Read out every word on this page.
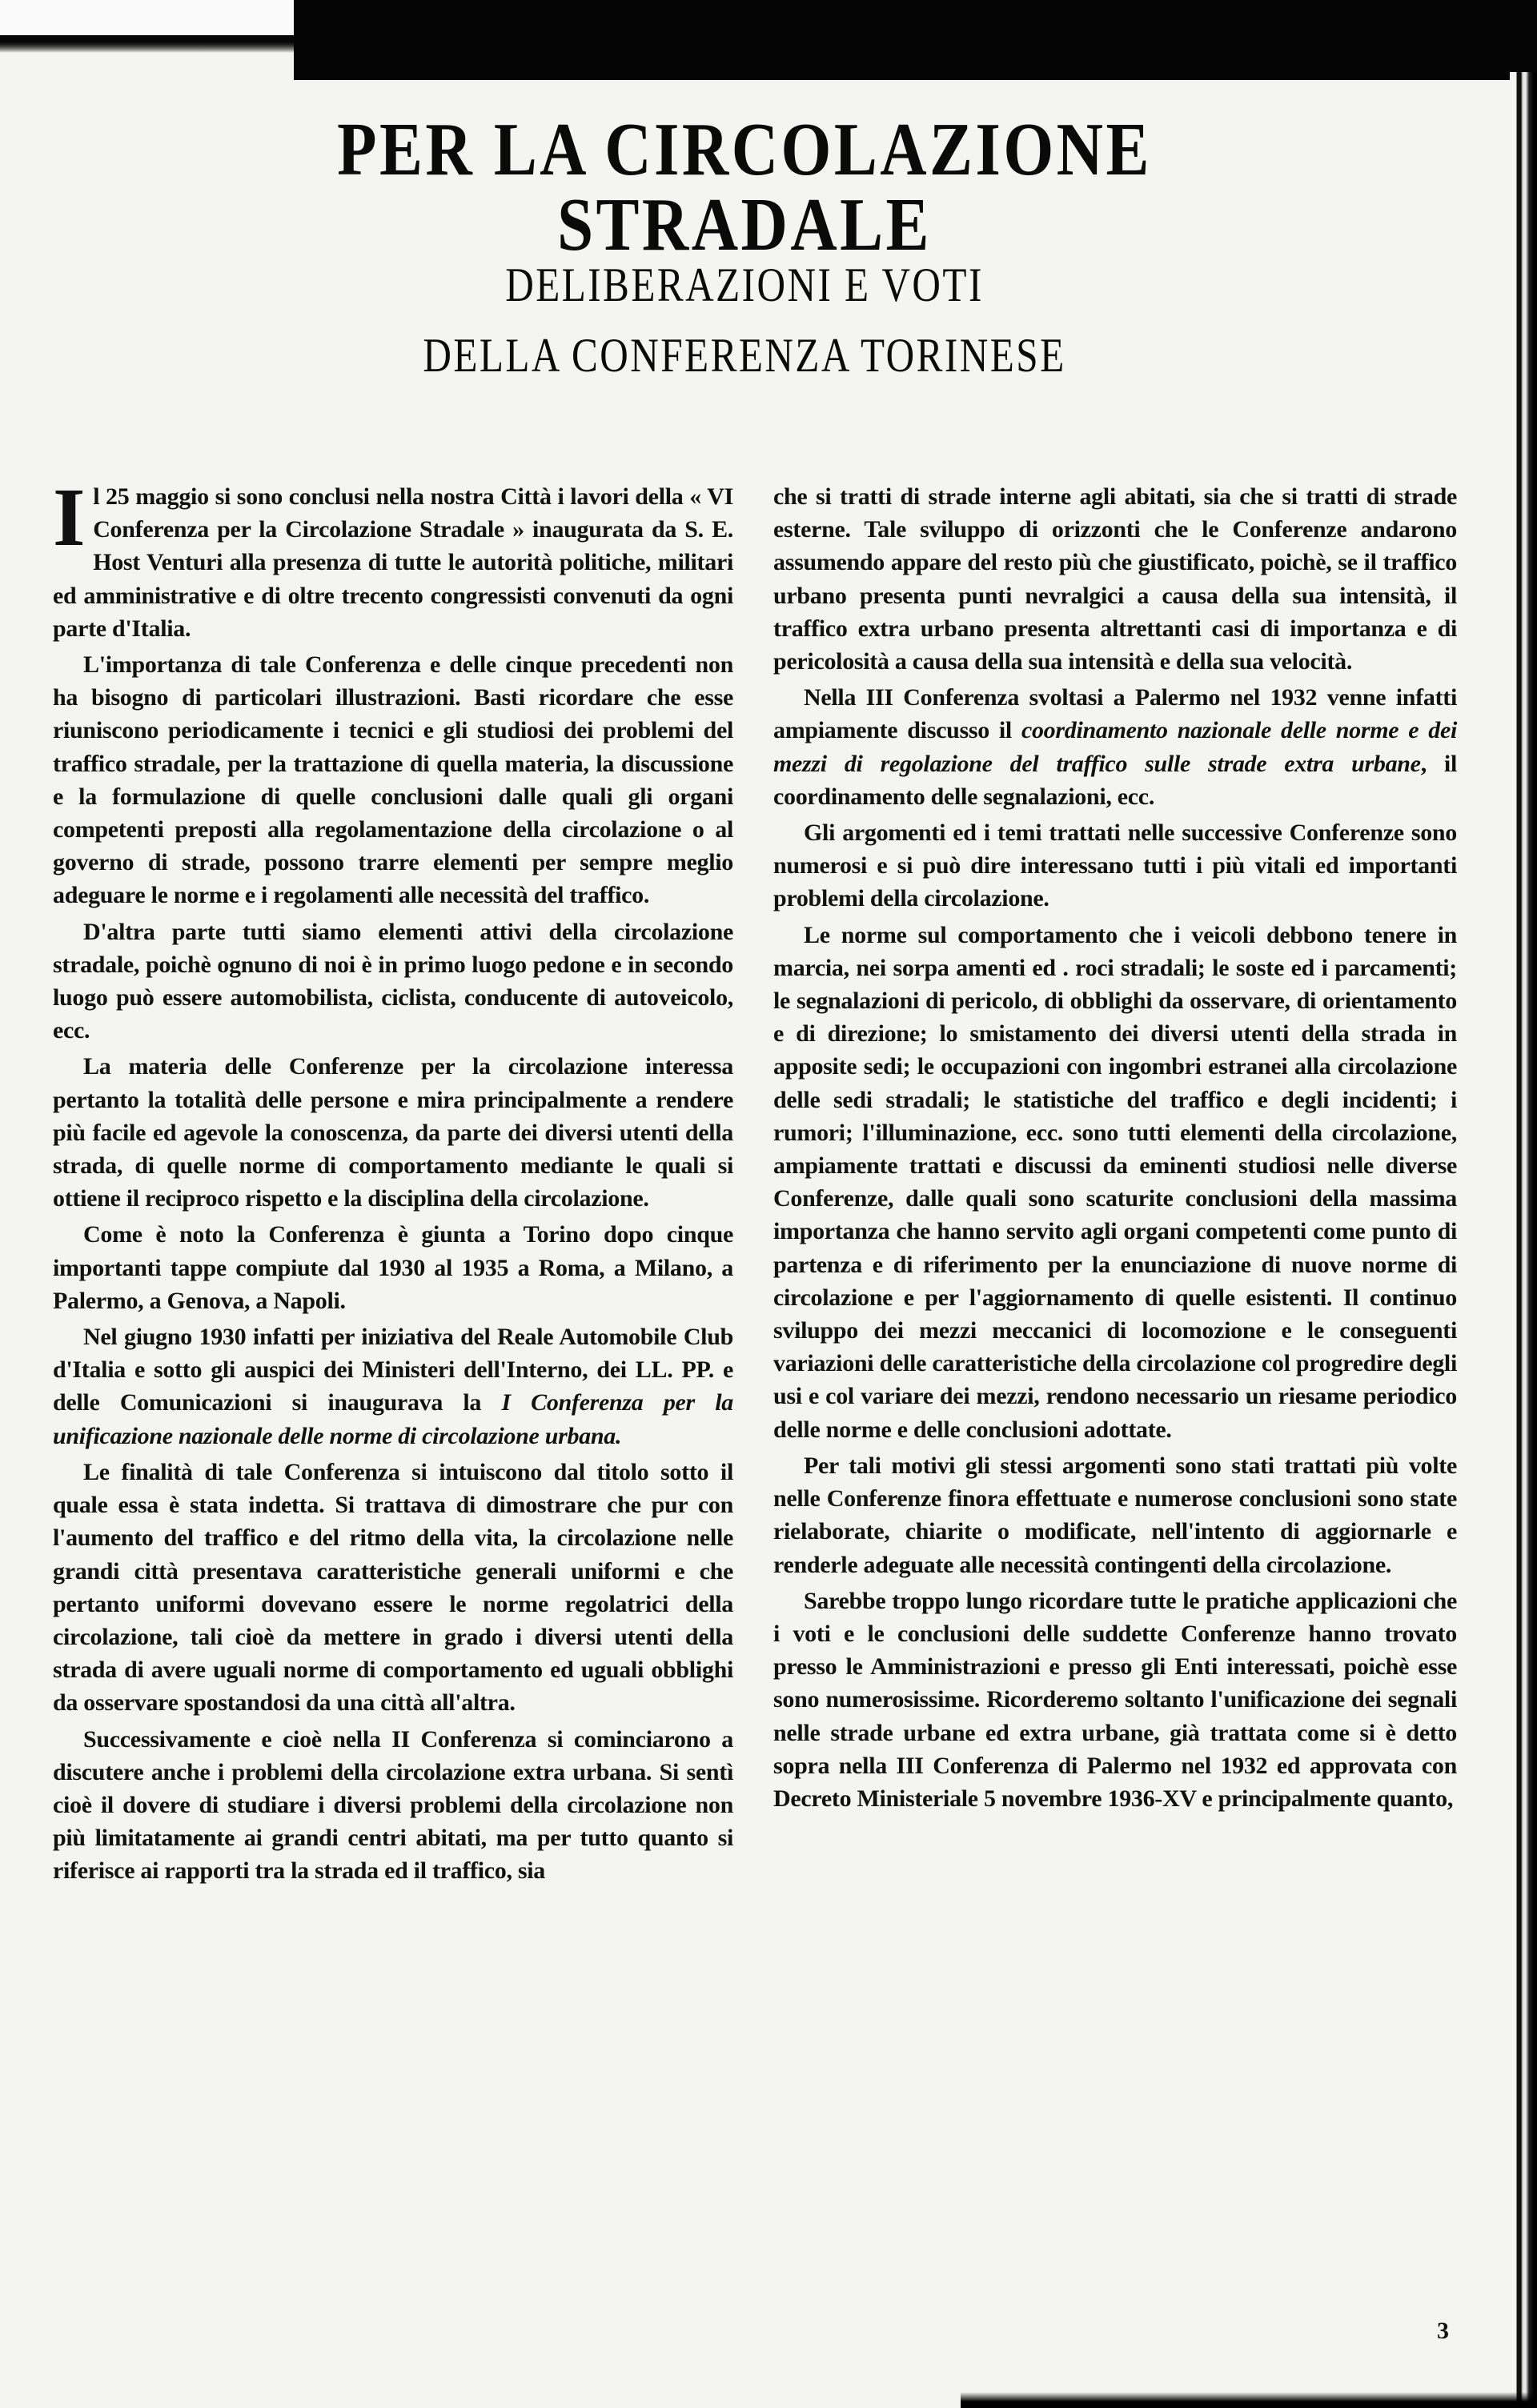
PER LA CIRCOLAZIONE STRADALE
DELIBERAZIONI E VOTI
DELLA CONFERENZA TORINESE

Il 25 maggio si sono conclusi nella nostra Città i lavori della « VI Conferenza per la Circolazione Stradale » inaugurata da S. E. Host Venturi alla presenza di tutte le autorità politiche, militari ed amministrative e di oltre trecento congressisti convenuti da ogni parte d'Italia.

L'importanza di tale Conferenza e delle cinque precedenti non ha bisogno di particolari illustrazioni. Basti ricordare che esse riuniscono periodicamente i tecnici e gli studiosi dei problemi del traffico stradale, per la trattazione di quella materia, la discussione e la formulazione di quelle conclusioni dalle quali gli organi competenti preposti alla regolamentazione della circolazione o al governo di strade, possono trarre elementi per sempre meglio adeguare le norme e i regolamenti alle necessità del traffico.

D'altra parte tutti siamo elementi attivi della circolazione stradale, poichè ognuno di noi è in primo luogo pedone e in secondo luogo può essere automobilista, ciclista, conducente di autoveicolo, ecc.

La materia delle Conferenze per la circolazione interessa pertanto la totalità delle persone e mira principalmente a rendere più facile ed agevole la conoscenza, da parte dei diversi utenti della strada, di quelle norme di comportamento mediante le quali si ottiene il reciproco rispetto e la disciplina della circolazione.

Come è noto la Conferenza è giunta a Torino dopo cinque importanti tappe compiute dal 1930 al 1935 a Roma, a Milano, a Palermo, a Genova, a Napoli.

Nel giugno 1930 infatti per iniziativa del Reale Automobile Club d'Italia e sotto gli auspici dei Ministeri dell'Interno, dei LL. PP. e delle Comunicazioni si inaugurava la I Conferenza per la unificazione nazionale delle norme di circolazione urbana.

Le finalità di tale Conferenza si intuiscono dal titolo sotto il quale essa è stata indetta. Si trattava di dimostrare che pur con l'aumento del traffico e del ritmo della vita, la circolazione nelle grandi città presentava caratteristiche generali uniformi e che pertanto uniformi dovevano essere le norme regolatrici della circolazione, tali cioè da mettere in grado i diversi utenti della strada di avere uguali norme di comportamento ed uguali obblighi da osservare spostandosi da una città all'altra.

Successivamente e cioè nella II Conferenza si cominciarono a discutere anche i problemi della circolazione extra urbana. Si sentì cioè il dovere di studiare i diversi problemi della circolazione non più limitatamente ai grandi centri abitati, ma per tutto quanto si riferisce ai rapporti tra la strada ed il traffico, sia

che si tratti di strade interne agli abitati, sia che si tratti di strade esterne. Tale sviluppo di orizzonti che le Conferenze andarono assumendo appare del resto più che giustificato, poichè, se il traffico urbano presenta punti nevralgici a causa della sua intensità, il traffico extra urbano presenta altrettanti casi di importanza e di pericolosità a causa della sua intensità e della sua velocità.

Nella III Conferenza svoltasi a Palermo nel 1932 venne infatti ampiamente discusso il coordinamento nazionale delle norme e dei mezzi di regolazione del traffico sulle strade extra urbane, il coordinamento delle segnalazioni, ecc.

Gli argomenti ed i temi trattati nelle successive Conferenze sono numerosi e si può dire interessano tutti i più vitali ed importanti problemi della circolazione.

Le norme sul comportamento che i veicoli debbono tenere in marcia, nei sorpa amenti ed . roci stradali; le soste ed i parcamenti; le segnalazioni di pericolo, di obblighi da osservare, di orientamento e di direzione; lo smistamento dei diversi utenti della strada in apposite sedi; le occupazioni con ingombri estranei alla circolazione delle sedi stradali; le statistiche del traffico e degli incidenti; i rumori; l'illuminazione, ecc. sono tutti elementi della circolazione, ampiamente trattati e discussi da eminenti studiosi nelle diverse Conferenze, dalle quali sono scaturite conclusioni della massima importanza che hanno servito agli organi competenti come punto di partenza e di riferimento per la enunciazione di nuove norme di circolazione e per l'aggiornamento di quelle esistenti. Il continuo sviluppo dei mezzi meccanici di locomozione e le conseguenti variazioni delle caratteristiche della circolazione col progredire degli usi e col variare dei mezzi, rendono necessario un riesame periodico delle norme e delle conclusioni adottate.

Per tali motivi gli stessi argomenti sono stati trattati più volte nelle Conferenze finora effettuate e numerose conclusioni sono state rielaborate, chiarite o modificate, nell'intento di aggiornarle e renderle adeguate alle necessità contingenti della circolazione.

Sarebbe troppo lungo ricordare tutte le pratiche applicazioni che i voti e le conclusioni delle suddette Conferenze hanno trovato presso le Amministrazioni e presso gli Enti interessati, poichè esse sono numerosissime. Ricorderemo soltanto l'unificazione dei segnali nelle strade urbane ed extra urbane, già trattata come si è detto sopra nella III Conferenza di Palermo nel 1932 ed approvata con Decreto Ministeriale 5 novembre 1936-XV e principalmente quanto,

3
